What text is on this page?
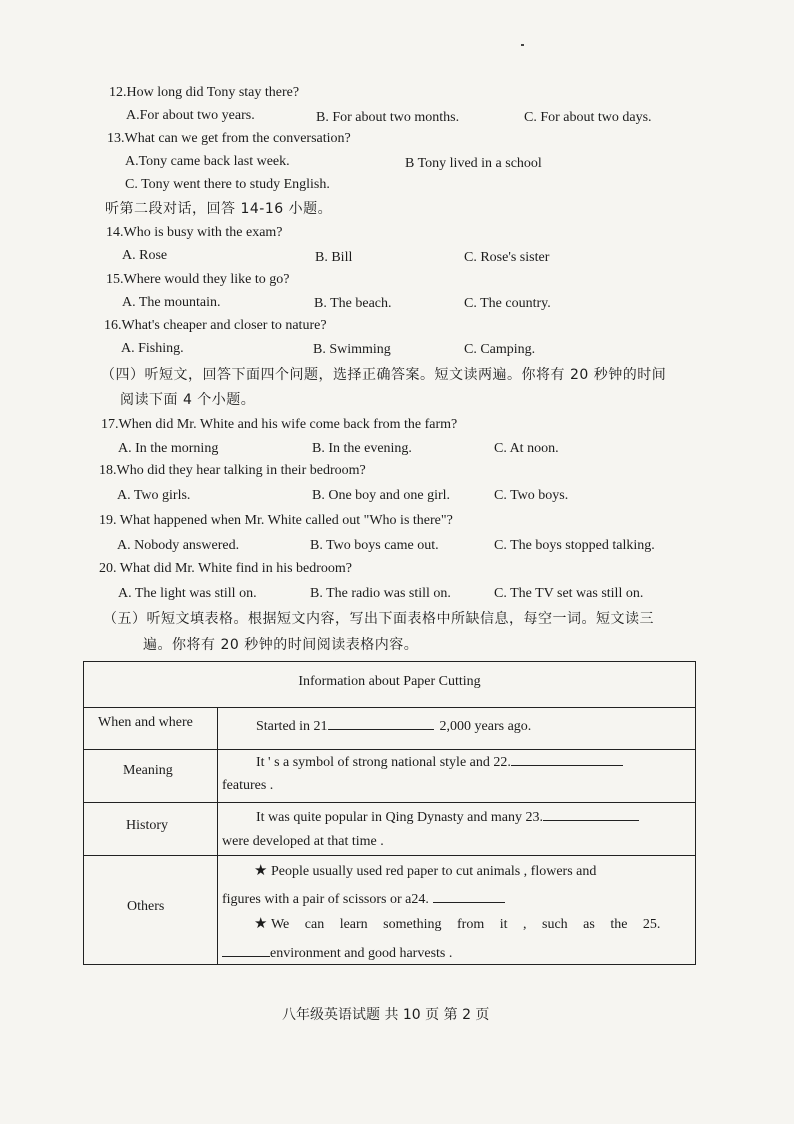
12.How long did Tony stay there?
A.For about two years.	B. For about two months.	C. For about two days.
13.What can we get from the conversation?
A.Tony came back last week.	B Tony lived in a school
C. Tony went there to study English.
听第二段对话，回答 14-16 小题。
14.Who is busy with the exam?
A. Rose	B. Bill	C. Rose's sister
15.Where would they like to go?
A. The mountain.	B. The beach.	C. The country.
16.What's cheaper and closer to nature?
A. Fishing.	B. Swimming	C. Camping.
（四）听短文，回答下面四个问题，选择正确答案。短文读两遍。你将有 20 秒钟的时间
阅读下面 4 个小题。
17.When did Mr. White and his wife come back from the farm?
A. In the morning	B. In the evening.	C. At noon.
18.Who did they hear talking in their bedroom?
A. Two girls.	B. One boy and one girl.	C. Two boys.
19. What happened when Mr. White called out "Who is there"?
A. Nobody answered.	B. Two boys came out.	C. The boys stopped talking.
20. What did Mr. White find in his bedroom?
A. The light was still on.	B. The radio was still on.	C. The TV set was still on.
（五）听短文填表格。根据短文内容，写出下面表格中所缺信息，每空一词。短文读三
遍。你将有 20 秒钟的时间阅读表格内容。
Information about Paper Cutting
When and where	Started in 21	2,000 years ago.
Meaning
It ' s a symbol of strong national style and 22.
features .
History
It was quite popular in Qing Dynasty and many 23.
were developed at that time .
Others
★ People usually used red paper to cut animals , flowers and
figures with a pair of scissors or a24.
★ We can learn something from it , such as the 25.
environment and good harvests .
八年级英语试题 共 10 页 第 2 页
